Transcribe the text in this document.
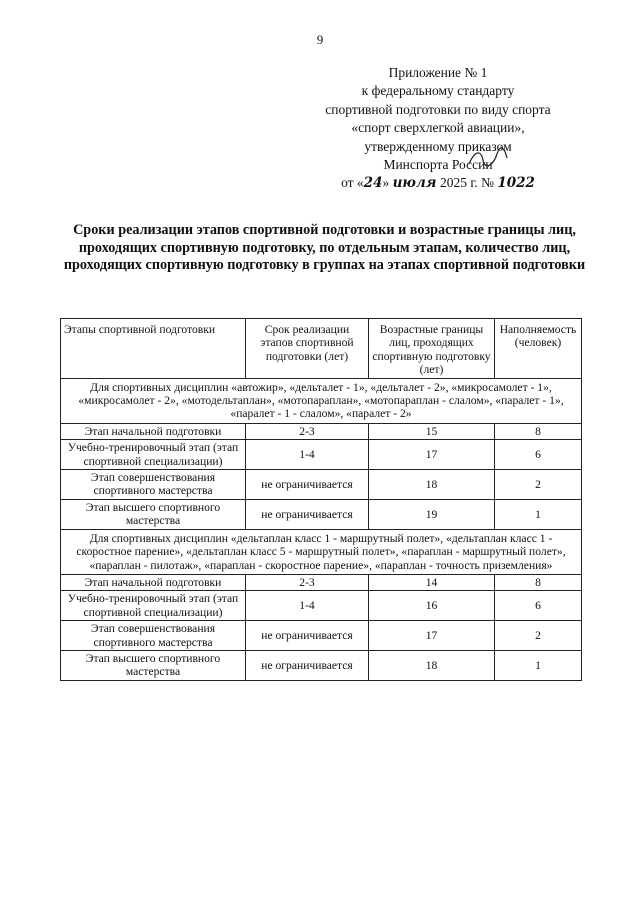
9
Приложение № 1
к федеральному стандарту
спортивной подготовки по виду спорта
«спорт сверхлегкой авиации»,
утвержденному приказом
Минспорта России
от «24» июля 2025 г. № 1022
Сроки реализации этапов спортивной подготовки и возрастные границы лиц, проходящих спортивную подготовку, по отдельным этапам, количество лиц, проходящих спортивную подготовку в группах на этапах спортивной подготовки
Этапы спортивной подготовки	Срок реализации этапов спортивной подготовки (лет)	Возрастные границы лиц, проходящих спортивную подготовку (лет)	Наполняемость (человек)
Для спортивных дисциплин «автожир», «дельталет - 1», «дельталет - 2», «микросамолет - 1», «микросамолет - 2», «мотодельтаплан», «мотопараплан», «мотопараплан - слалом», «паралет - 1», «паралет - 1 - слалом», «паралет - 2»			
Этап начальной подготовки	2-3	15	8
Учебно-тренировочный этап (этап спортивной специализации)	1-4	17	6
Этап совершенствования спортивного мастерства	не ограничивается	18	2
Этап высшего спортивного мастерства	не ограничивается	19	1
Для спортивных дисциплин «дельтаплан класс 1 - маршрутный полет», «дельтаплан класс 1 - скоростное парение», «дельтаплан класс 5 - маршрутный полет», «параплан - маршрутный полет», «параплан - пилотаж», «параплан - скоростное парение», «параплан - точность приземления»			
Этап начальной подготовки	2-3	14	8
Учебно-тренировочный этап (этап спортивной специализации)	1-4	16	6
Этап совершенствования спортивного мастерства	не ограничивается	17	2
Этап высшего спортивного мастерства	не ограничивается	18	1
